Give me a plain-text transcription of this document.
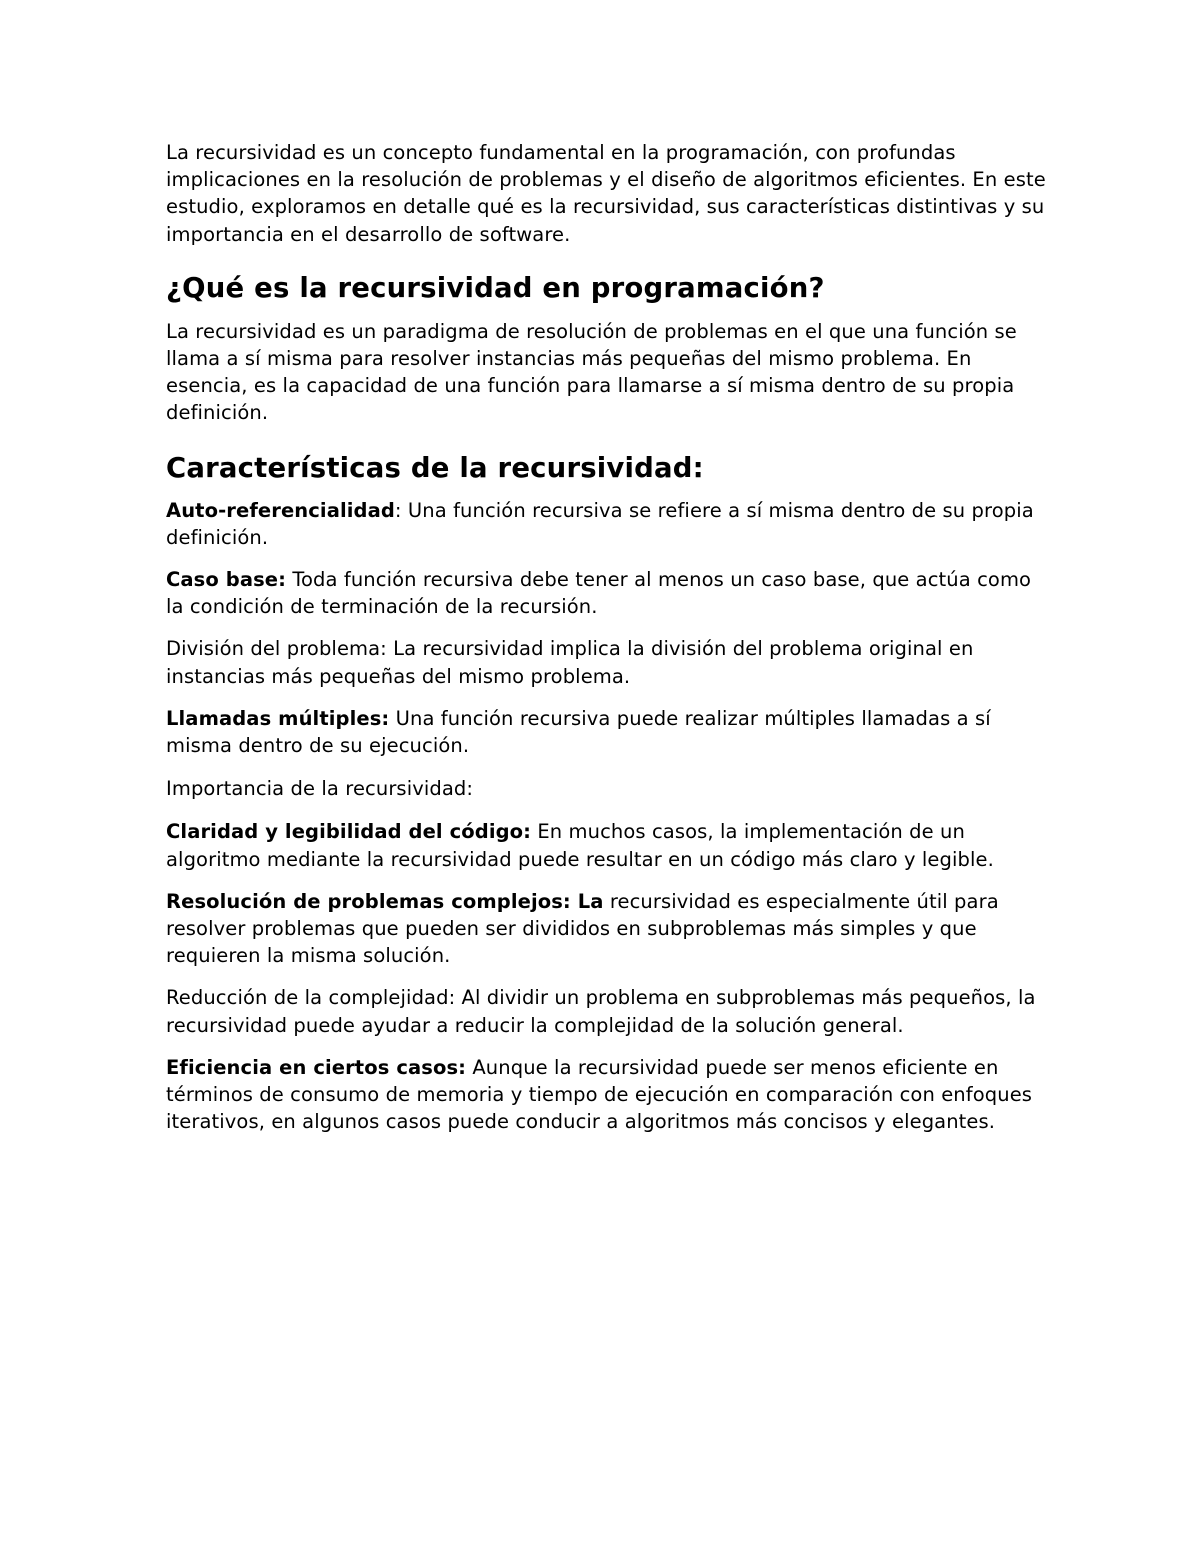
La recursividad es un concepto fundamental en la programación, con profundas implicaciones en la resolución de problemas y el diseño de algoritmos eficientes. En este estudio, exploramos en detalle qué es la recursividad, sus características distintivas y su importancia en el desarrollo de software.

¿Qué es la recursividad en programación?

La recursividad es un paradigma de resolución de problemas en el que una función se llama a sí misma para resolver instancias más pequeñas del mismo problema. En esencia, es la capacidad de una función para llamarse a sí misma dentro de su propia definición.

Características de la recursividad:

Auto-referencialidad: Una función recursiva se refiere a sí misma dentro de su propia definición.

Caso base: Toda función recursiva debe tener al menos un caso base, que actúa como la condición de terminación de la recursión.

División del problema: La recursividad implica la división del problema original en instancias más pequeñas del mismo problema.

Llamadas múltiples: Una función recursiva puede realizar múltiples llamadas a sí misma dentro de su ejecución.

Importancia de la recursividad:

Claridad y legibilidad del código: En muchos casos, la implementación de un algoritmo mediante la recursividad puede resultar en un código más claro y legible.

Resolución de problemas complejos: La recursividad es especialmente útil para resolver problemas que pueden ser divididos en subproblemas más simples y que requieren la misma solución.

Reducción de la complejidad: Al dividir un problema en subproblemas más pequeños, la recursividad puede ayudar a reducir la complejidad de la solución general.

Eficiencia en ciertos casos: Aunque la recursividad puede ser menos eficiente en términos de consumo de memoria y tiempo de ejecución en comparación con enfoques iterativos, en algunos casos puede conducir a algoritmos más concisos y elegantes.
